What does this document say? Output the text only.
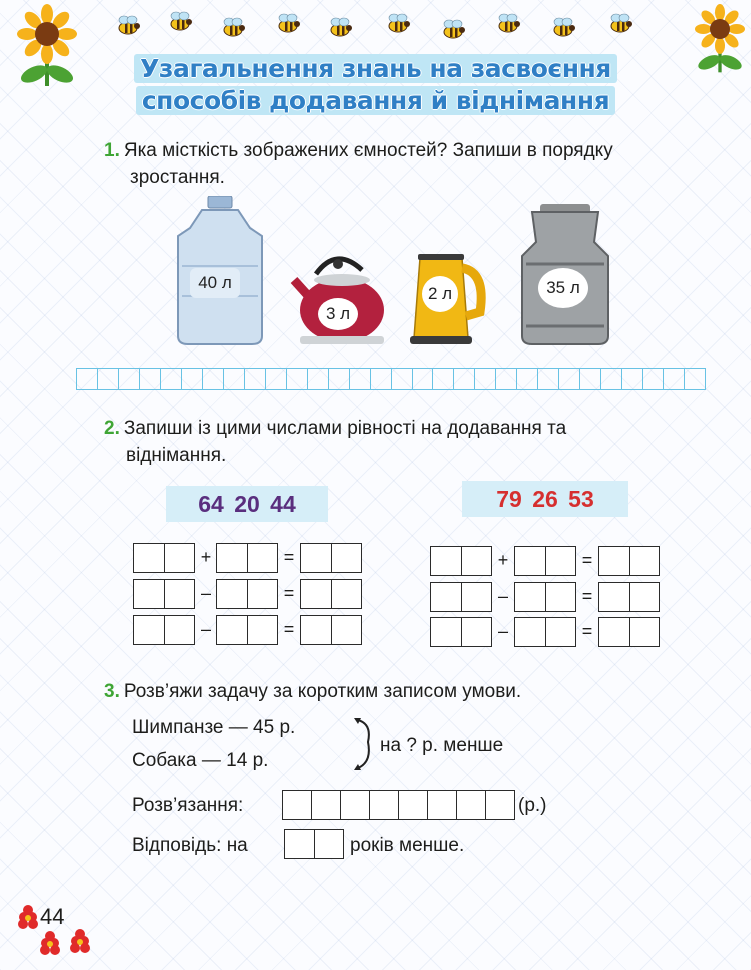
Узагальнення знань на засвоєння
способів додавання й віднімання
1. Яка місткість зображених ємностей? Запиши в порядку
зростання.
40 л
3 л
2 л	35 л
2. Запиши із цими числами рівності на додавання та
віднімання.
64 20 44	79 26 53
+	=
–	=
–	=
+	=
–	=
–	=
3. Розв’яжи задачу за коротким записом умови.
Шимпанзе — 45 р.
Собака — 14 р.
на ? р. менше
Розв’язання:	(р.)
Відповідь: на	років менше.
44
